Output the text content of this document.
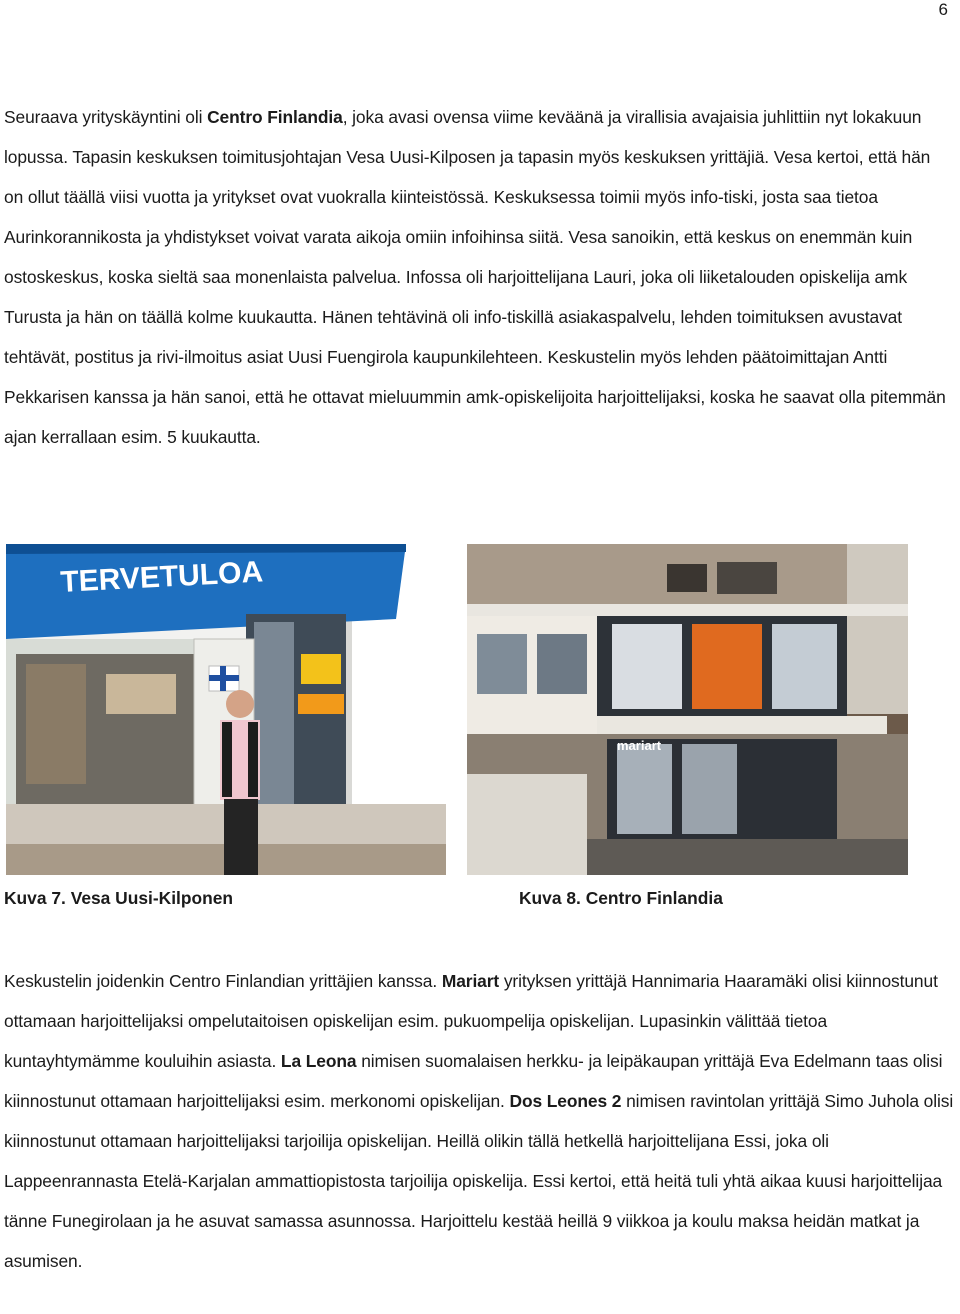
6

Seuraava yrityskäyntini oli Centro Finlandia, joka avasi ovensa viime keväänä ja virallisia avajaisia juhlittiin nyt lokakuun lopussa. Tapasin keskuksen toimitusjohtajan Vesa Uusi-Kilposen ja tapasin myös keskuksen yrittäjiä. Vesa kertoi, että hän on ollut täällä viisi vuotta ja yritykset ovat vuokralla kiinteistössä. Keskuksessa toimii myös info-tiski, josta saa tietoa Aurinkorannikosta ja yhdistykset voivat varata aikoja omiin infoihinsa siitä. Vesa sanoikin, että keskus on enemmän kuin ostoskeskus, koska sieltä saa monenlaista palvelua. Infossa oli harjoittelijana Lauri, joka oli liiketalouden opiskelija amk Turusta ja hän on täällä kolme kuukautta. Hänen tehtävinä oli info-tiskillä asiakaspalvelu, lehden toimituksen avustavat tehtävät, postitus ja rivi-ilmoitus asiat Uusi Fuengirola kaupunkilehteen. Keskustelin myös lehden päätoimittajan Antti Pekkarisen kanssa ja hän sanoi, että he ottavat mieluummin amk-opiskelijoita harjoittelijaksi, koska he saavat olla pitemmän ajan kerrallaan esim. 5 kuukautta.

TERVETULOA
mariart
Kuva 7. Vesa Uusi-Kilponen	Kuva 8. Centro Finlandia

Keskustelin joidenkin Centro Finlandian yrittäjien kanssa. Mariart yrityksen yrittäjä Hannimaria Haaramäki olisi kiinnostunut ottamaan harjoittelijaksi ompelutaitoisen opiskelijan esim. pukuompelija opiskelijan. Lupasinkin välittää tietoa kuntayhtymämme kouluihin asiasta. La Leona nimisen suomalaisen herkku- ja leipäkaupan yrittäjä Eva Edelmann taas olisi kiinnostunut ottamaan harjoittelijaksi esim. merkonomi opiskelijan. Dos Leones 2 nimisen ravintolan yrittäjä Simo Juhola olisi kiinnostunut ottamaan harjoittelijaksi tarjoilija opiskelijan. Heillä olikin tällä hetkellä harjoittelijana Essi, joka oli Lappeenrannasta Etelä-Karjalan ammattiopistosta tarjoilija opiskelija. Essi kertoi, että heitä tuli yhtä aikaa kuusi harjoittelijaa tänne Funegirolaan ja he asuvat samassa asunnossa. Harjoittelu kestää heillä 9 viikkoa ja koulu maksa heidän matkat ja asumisen.
